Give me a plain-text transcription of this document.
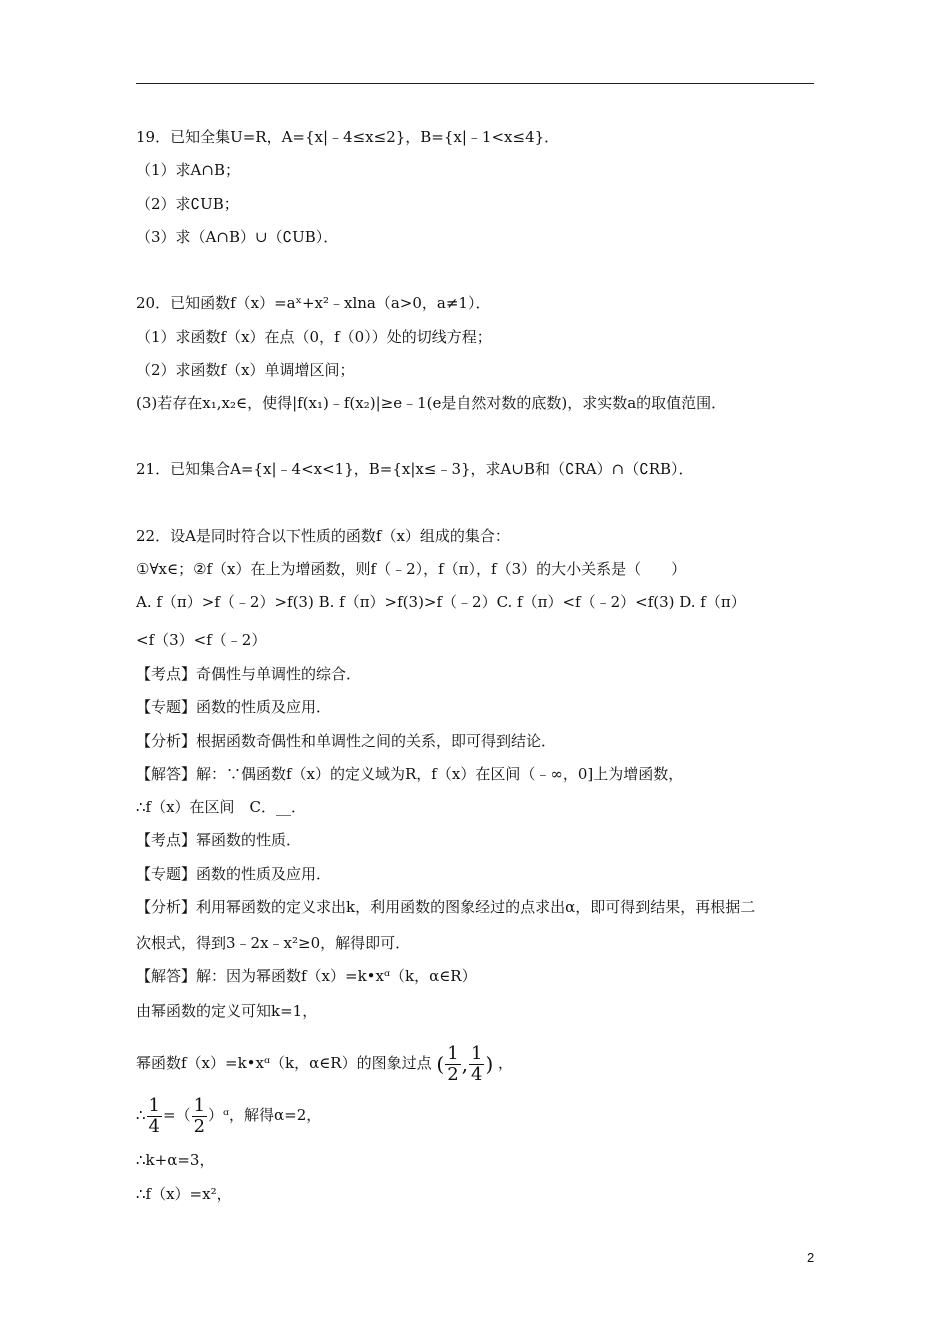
19．已知全集U=R，A={x|﹣4≤x≤2}，B={x|﹣1<x≤4}．
（1）求A∩B；
（2）求∁UB；
（3）求（A∩B）∪（∁UB）．
20．已知函数f（x）=aˣ+x²﹣xlna（a>0，a≠1）．
（1）求函数f（x）在点（0，f（0））处的切线方程；
（2）求函数f（x）单调增区间；
(3)若存在x₁,x₂∈，使得|f(x₁)﹣f(x₂)|≥e﹣1(e是自然对数的底数)，求实数a的取值范围．
21．已知集合A={x|﹣4<x<1}，B={x|x≤﹣3}，求A∪B和（∁RA）∩（∁RB）．
22．设A是同时符合以下性质的函数f（x）组成的集合：
①∀x∈；②f（x）在上为增函数，则f（﹣2），f（π），f（3）的大小关系是（　　）
A. f（π）>f（﹣2）>f(3) B. f（π）>f(3)>f（﹣2）C. f（π）<f（﹣2）<f(3) D. f（π）
<f（3）<f（﹣2）
【考点】奇偶性与单调性的综合．
【专题】函数的性质及应用．
【分析】根据函数奇偶性和单调性之间的关系，即可得到结论．
【解答】解：∵偶函数f（x）的定义域为R，f（x）在区间（﹣∞，0]上为增函数，
∴f（x）在区间　C．__．
【考点】幂函数的性质．
【专题】函数的性质及应用．
【分析】利用幂函数的定义求出k，利用函数的图象经过的点求出α，即可得到结果，再根据二
次根式，得到3﹣2x﹣x²≥0，解得即可．
【解答】解：因为幂函数f（x）=k•xᵅ（k，α∈R）
由幂函数的定义可知k=1，
幂函数f（x）=k•xᵅ（k，α∈R）的图象过点 ( $\frac{1}{2}$ , $\frac{1}{4}$ ) ，
∴ $\frac{1}{4}$ =（ $\frac{1}{2}$ ）ᵅ，解得α=2，
∴k+α=3，
∴f（x）=x²，
2
